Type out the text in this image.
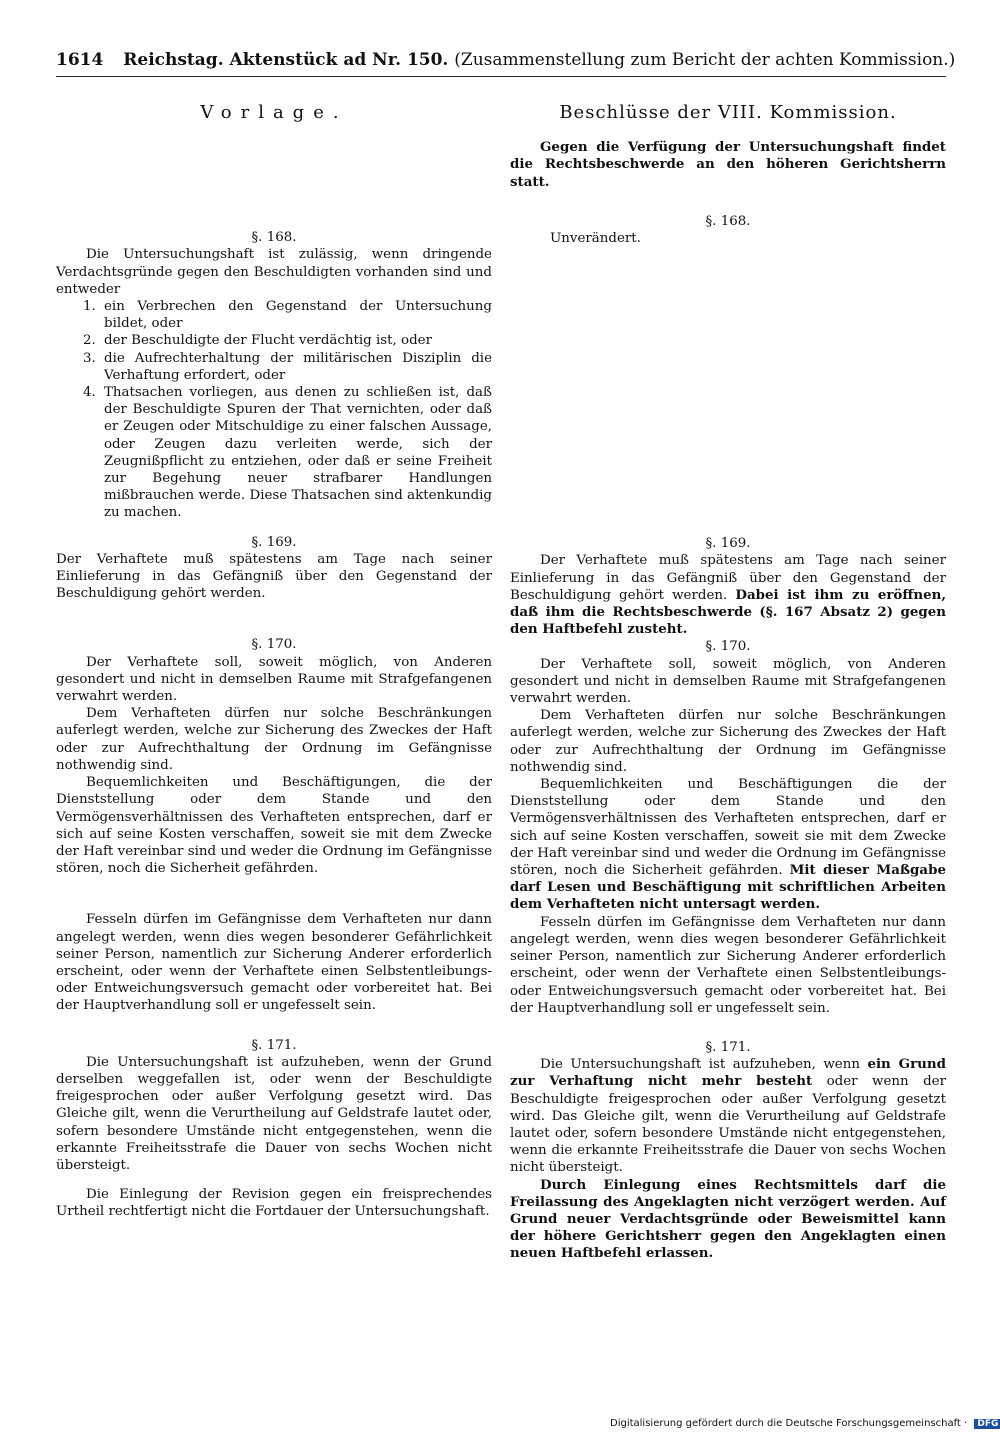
1614 Reichstag. Aktenstück ad Nr. 150. (Zusammenstellung zum Bericht der achten Kommission.)
Vorlage.
§. 168.

Die Untersuchungshaft ist zulässig, wenn dringende Verdachtsgründe gegen den Beschuldigten vorhanden sind und entweder

1. ein Verbrechen den Gegenstand der Untersuchung bildet, oder
2. der Beschuldigte der Flucht verdächtig ist, oder
3. die Aufrechterhaltung der militärischen Disziplin die Verhaftung erfordert, oder
4. Thatsachen vorliegen, aus denen zu schließen ist, daß der Beschuldigte Spuren der That vernichten, oder daß er Zeugen oder Mitschuldige zu einer falschen Aussage, oder Zeugen dazu verleiten werde, sich der Zeugnißpflicht zu entziehen, oder daß er seine Freiheit zur Begehung neuer strafbarer Handlungen mißbrauchen werde. Diese Thatsachen sind aktenkundig zu machen.
§. 169.

Der Verhaftete muß spätestens am Tage nach seiner Einlieferung in das Gefängniß über den Gegenstand der Beschuldigung gehört werden.

§. 170.

Der Verhaftete soll, soweit möglich, von Anderen gesondert und nicht in demselben Raume mit Strafgefangenen verwahrt werden.

Dem Verhafteten dürfen nur solche Beschränkungen auferlegt werden, welche zur Sicherung des Zweckes der Haft oder zur Aufrechthaltung der Ordnung im Gefängnisse nothwendig sind.

Bequemlichkeiten und Beschäftigungen, die der Dienststellung oder dem Stande und den Vermögensverhältnissen des Verhafteten entsprechen, darf er sich auf seine Kosten verschaffen, soweit sie mit dem Zwecke der Haft vereinbar sind und weder die Ordnung im Gefängnisse stören, noch die Sicherheit gefährden.

Fesseln dürfen im Gefängnisse dem Verhafteten nur dann angelegt werden, wenn dies wegen besonderer Gefährlichkeit seiner Person, namentlich zur Sicherung Anderer erforderlich erscheint, oder wenn der Verhaftete einen Selbstentleibungs- oder Entweichungsversuch gemacht oder vorbereitet hat. Bei der Hauptverhandlung soll er ungefesselt sein.

§. 171.

Die Untersuchungshaft ist aufzuheben, wenn der Grund derselben weggefallen ist, oder wenn der Beschuldigte freigesprochen oder außer Verfolgung gesetzt wird. Das Gleiche gilt, wenn die Verurtheilung auf Geldstrafe lautet oder, sofern besondere Umstände nicht entgegenstehen, wenn die erkannte Freiheitsstrafe die Dauer von sechs Wochen nicht übersteigt.

Die Einlegung der Revision gegen ein freisprechendes Urtheil rechtfertigt nicht die Fortdauer der Untersuchungshaft.

Beschlüsse der VIII. Kommission.

Gegen die Verfügung der Untersuchungshaft findet die Rechtsbeschwerde an den höheren Gerichtsherrn statt.

§. 168.

Unverändert.

§. 169.

Der Verhaftete muß spätestens am Tage nach seiner Einlieferung in das Gefängniß über den Gegenstand der Beschuldigung gehört werden. Dabei ist ihm zu eröffnen, daß ihm die Rechtsbeschwerde (§. 167 Absatz 2) gegen den Haftbefehl zusteht.

§. 170.

Der Verhaftete soll, soweit möglich, von Anderen gesondert und nicht in demselben Raume mit Strafgefangenen verwahrt werden.

Dem Verhafteten dürfen nur solche Beschränkungen auferlegt werden, welche zur Sicherung des Zweckes der Haft oder zur Aufrechthaltung der Ordnung im Gefängnisse nothwendig sind.

Bequemlichkeiten und Beschäftigungen die der Dienststellung oder dem Stande und den Vermögensverhältnissen des Verhafteten entsprechen, darf er sich auf seine Kosten verschaffen, soweit sie mit dem Zwecke der Haft vereinbar sind und weder die Ordnung im Gefängnisse stören, noch die Sicherheit gefährden. Mit dieser Maßgabe darf Lesen und Beschäftigung mit schriftlichen Arbeiten dem Verhafteten nicht untersagt werden.

Fesseln dürfen im Gefängnisse dem Verhafteten nur dann angelegt werden, wenn dies wegen besonderer Gefährlichkeit seiner Person, namentlich zur Sicherung Anderer erforderlich erscheint, oder wenn der Verhaftete einen Selbstentleibungs- oder Entweichungsversuch gemacht oder vorbereitet hat. Bei der Hauptverhandlung soll er ungefesselt sein.

§. 171.

Die Untersuchungshaft ist aufzuheben, wenn ein Grund zur Verhaftung nicht mehr besteht oder wenn der Beschuldigte freigesprochen oder außer Verfolgung gesetzt wird. Das Gleiche gilt, wenn die Verurtheilung auf Geldstrafe lautet oder, sofern besondere Umstände nicht entgegenstehen, wenn die erkannte Freiheitsstrafe die Dauer von sechs Wochen nicht übersteigt.

Durch Einlegung eines Rechtsmittels darf die Freilassung des Angeklagten nicht verzögert werden. Auf Grund neuer Verdachtsgründe oder Beweismittel kann der höhere Gerichtsherr gegen den Angeklagten einen neuen Haftbefehl erlassen.

Digitalisierung gefördert durch die Deutsche Forschungsgemeinschaft · DFG
